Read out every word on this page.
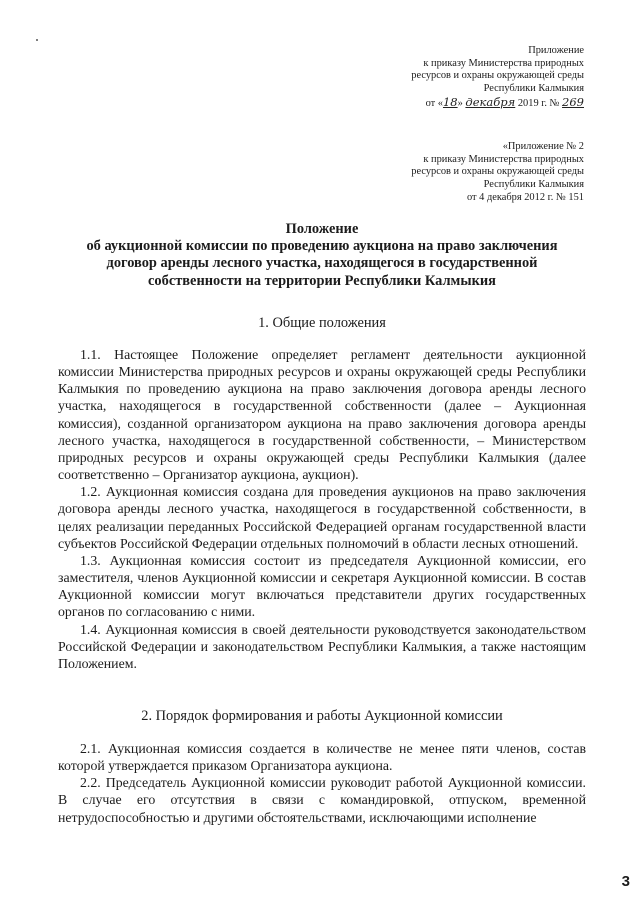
Приложение
к приказу Министерства природных
ресурсов и охраны окружающей среды
Республики Калмыкия
от «18» декабря 2019 г. № 269
«Приложение № 2
к приказу Министерства природных
ресурсов и охраны окружающей среды
Республики Калмыкия
от 4 декабря 2012 г. № 151
Положение
об аукционной комиссии по проведению аукциона на право заключения
договор аренды лесного участка, находящегося в государственной
собственности на территории Республики Калмыкия
1. Общие положения

1.1. Настоящее Положение определяет регламент деятельности аукционной комиссии Министерства природных ресурсов и охраны окружающей среды Республики Калмыкия по проведению аукциона на право заключения договора аренды лесного участка, находящегося в государственной собственности (далее – Аукционная комиссия), созданной организатором аукциона на право заключения договора аренды лесного участка, находящегося в государственной собственности, – Министерством природных ресурсов и охраны окружающей среды Республики Калмыкия (далее соответственно – Организатор аукциона, аукцион).

1.2. Аукционная комиссия создана для проведения аукционов на право заключения договора аренды лесного участка, находящегося в государственной собственности, в целях реализации переданных Российской Федерацией органам государственной власти субъектов Российской Федерации отдельных полномочий в области лесных отношений.

1.3. Аукционная комиссия состоит из председателя Аукционной комиссии, его заместителя, членов Аукционной комиссии и секретаря Аукционной комиссии. В состав Аукционной комиссии могут включаться представители других государственных органов по согласованию с ними.

1.4. Аукционная комиссия в своей деятельности руководствуется законодательством Российской Федерации и законодательством Республики Калмыкия, а также настоящим Положением.

2. Порядок формирования и работы Аукционной комиссии

2.1. Аукционная комиссия создается в количестве не менее пяти членов, состав которой утверждается приказом Организатора аукциона.

2.2. Председатель Аукционной комиссии руководит работой Аукционной комиссии. В случае его отсутствия в связи с командировкой, отпуском, временной нетрудоспособностью и другими обстоятельствами, исключающими исполнение

3
